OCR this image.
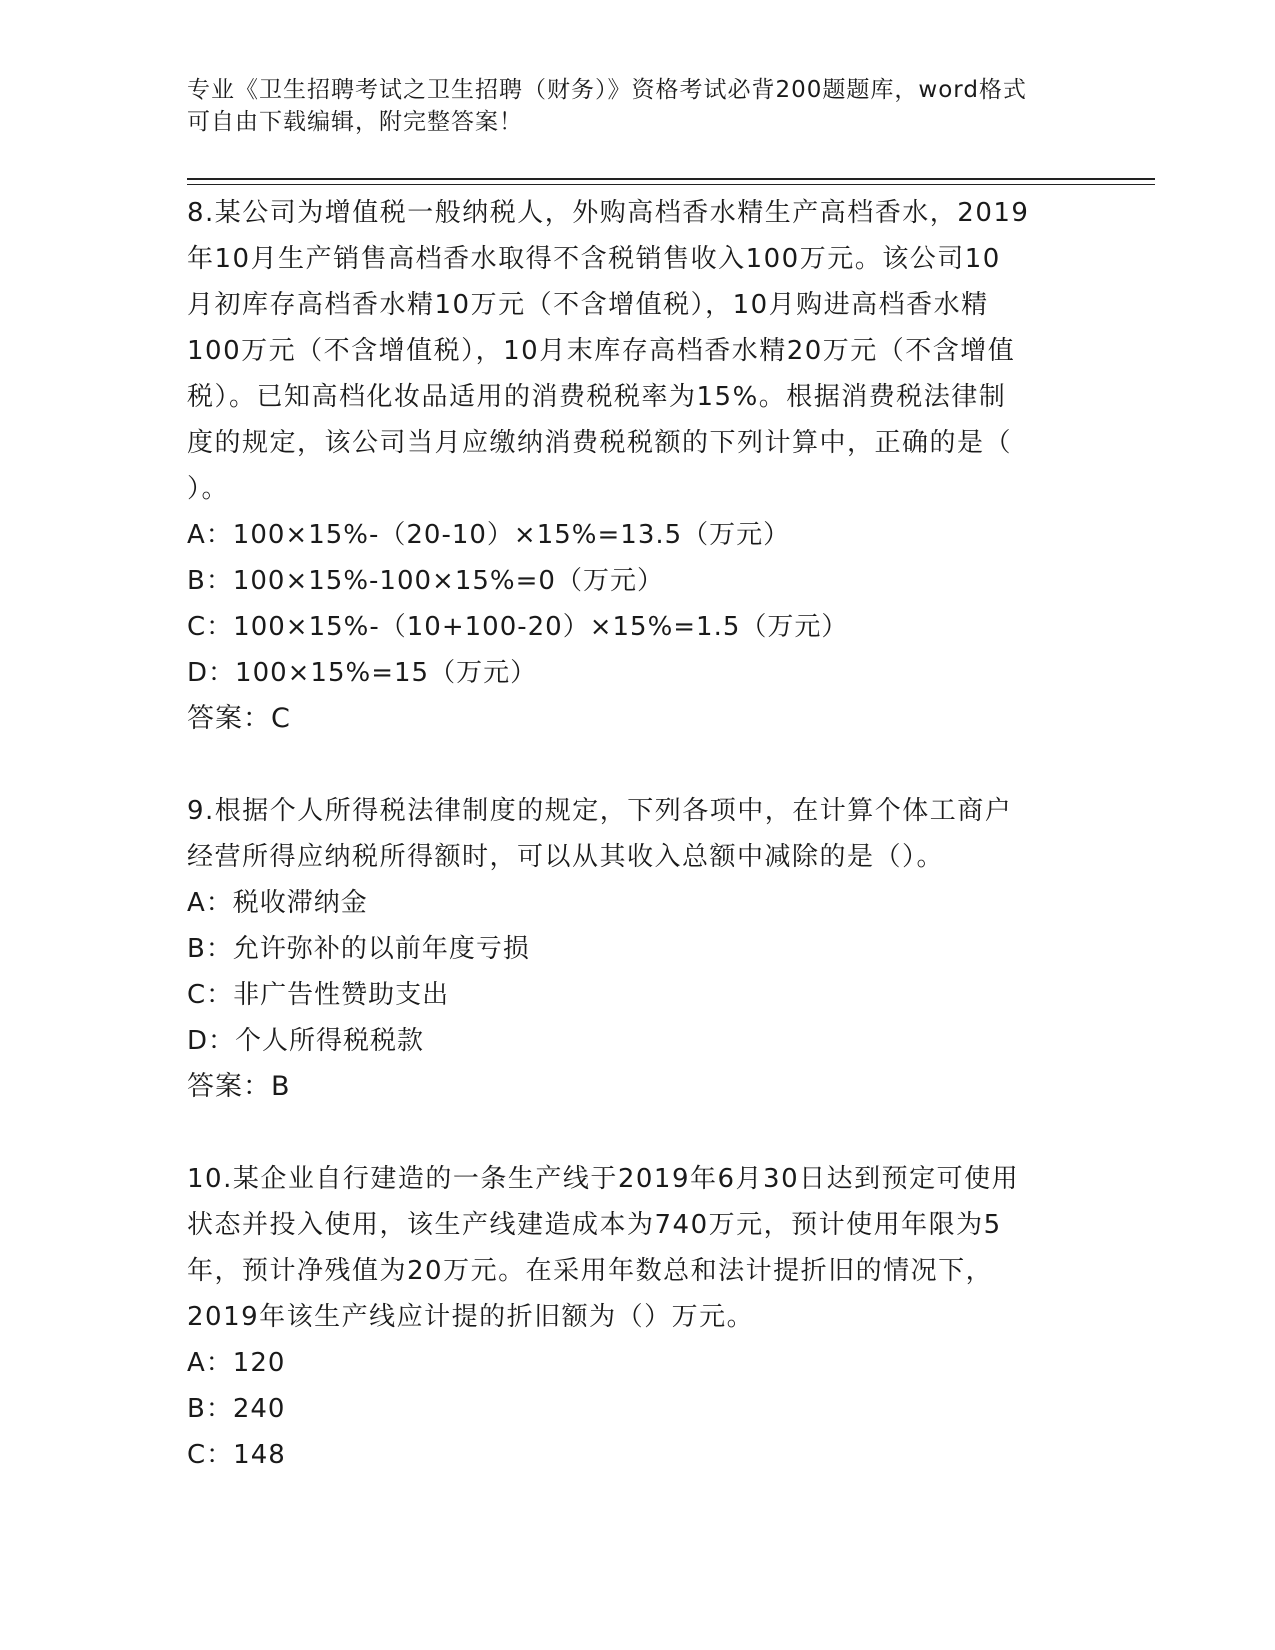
专业《卫生招聘考试之卫生招聘（财务）》资格考试必背200题题库，word格式
可自由下载编辑，附完整答案！
8.某公司为增值税一般纳税人，外购高档香水精生产高档香水，2019
年10月生产销售高档香水取得不含税销售收入100万元。该公司10
月初库存高档香水精10万元（不含增值税），10月购进高档香水精
100万元（不含增值税），10月末库存高档香水精20万元（不含增值
税）。已知高档化妆品适用的消费税税率为15%。根据消费税法律制
度的规定，该公司当月应缴纳消费税税额的下列计算中，正确的是（
）。
A：100×15%-（20-10）×15%=13.5（万元）
B：100×15%-100×15%=0（万元）
C：100×15%-（10+100-20）×15%=1.5（万元）
D：100×15%=15（万元）
答案：C
9.根据个人所得税法律制度的规定，下列各项中，在计算个体工商户
经营所得应纳税所得额时，可以从其收入总额中减除的是（）。
A：税收滞纳金
B：允许弥补的以前年度亏损
C：非广告性赞助支出
D：个人所得税税款
答案：B
10.某企业自行建造的一条生产线于2019年6月30日达到预定可使用
状态并投入使用，该生产线建造成本为740万元，预计使用年限为5
年，预计净残值为20万元。在采用年数总和法计提折旧的情况下，
2019年该生产线应计提的折旧额为（）万元。
A：120
B：240
C：148
